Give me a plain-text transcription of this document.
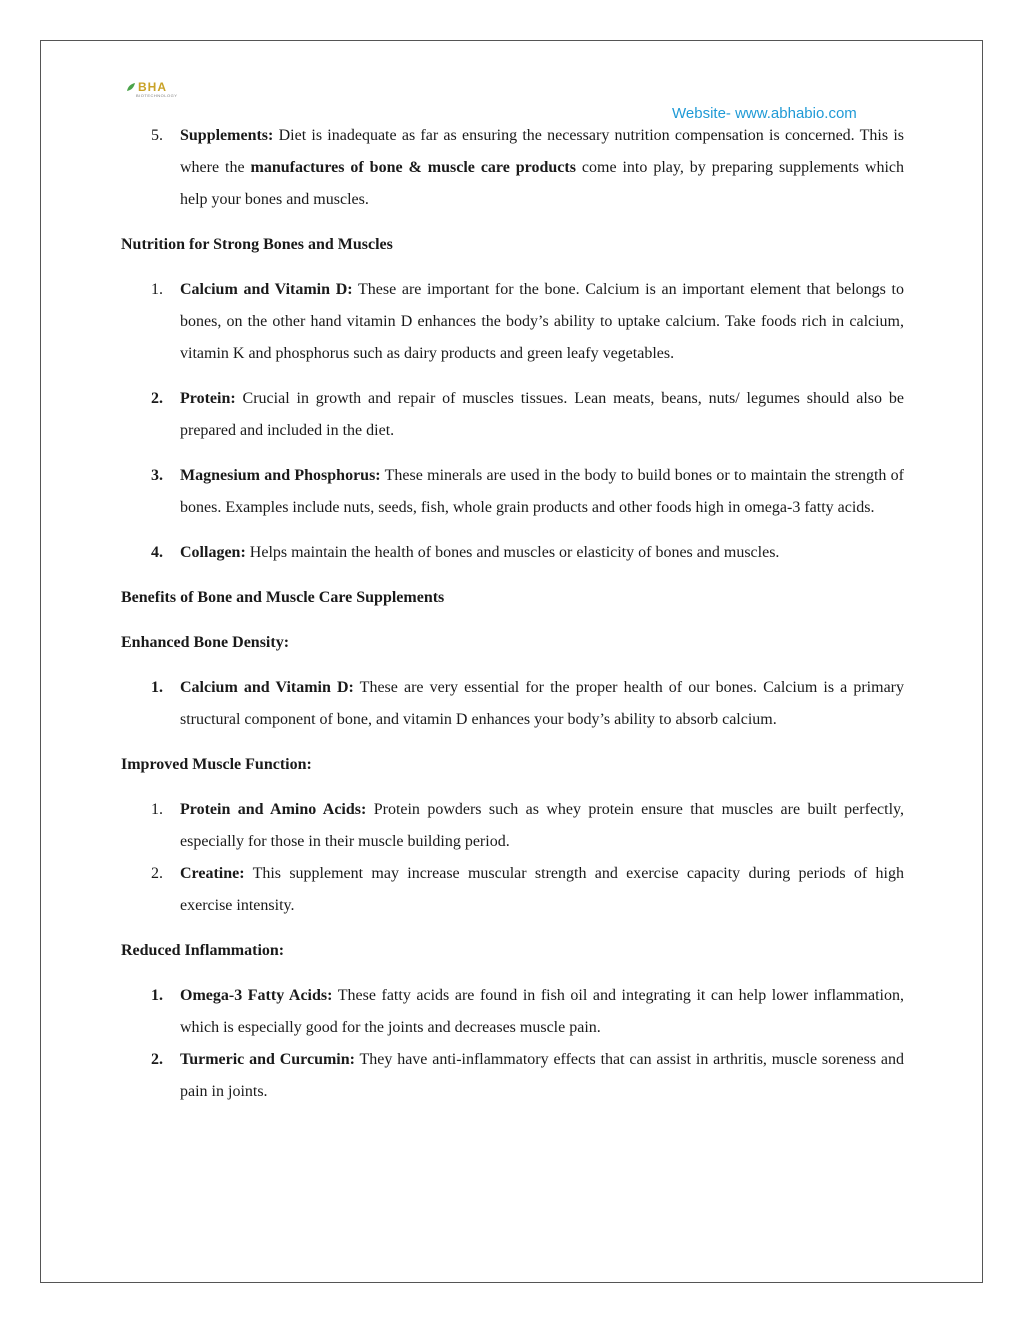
BHA
BIOTECHNOLOGY
Website- www.abhabio.com
5. Supplements: Diet is inadequate as far as ensuring the necessary nutrition compensation is concerned. This is where the manufactures of bone & muscle care products come into play, by preparing supplements which help your bones and muscles.
Nutrition for Strong Bones and Muscles
1. Calcium and Vitamin D: These are important for the bone. Calcium is an important element that belongs to bones, on the other hand vitamin D enhances the body’s ability to uptake calcium. Take foods rich in calcium, vitamin K and phosphorus such as dairy products and green leafy vegetables.
2. Protein: Crucial in growth and repair of muscles tissues. Lean meats, beans, nuts/ legumes should also be prepared and included in the diet.
3. Magnesium and Phosphorus: These minerals are used in the body to build bones or to maintain the strength of bones. Examples include nuts, seeds, fish, whole grain products and other foods high in omega-3 fatty acids.
4. Collagen: Helps maintain the health of bones and muscles or elasticity of bones and muscles.
Benefits of Bone and Muscle Care Supplements
Enhanced Bone Density:
1. Calcium and Vitamin D: These are very essential for the proper health of our bones. Calcium is a primary structural component of bone, and vitamin D enhances your body’s ability to absorb calcium.
Improved Muscle Function:
1. Protein and Amino Acids: Protein powders such as whey protein ensure that muscles are built perfectly, especially for those in their muscle building period.
2. Creatine: This supplement may increase muscular strength and exercise capacity during periods of high exercise intensity.
Reduced Inflammation:
1. Omega-3 Fatty Acids: These fatty acids are found in fish oil and integrating it can help lower inflammation, which is especially good for the joints and decreases muscle pain.
2. Turmeric and Curcumin: They have anti-inflammatory effects that can assist in arthritis, muscle soreness and pain in joints.
